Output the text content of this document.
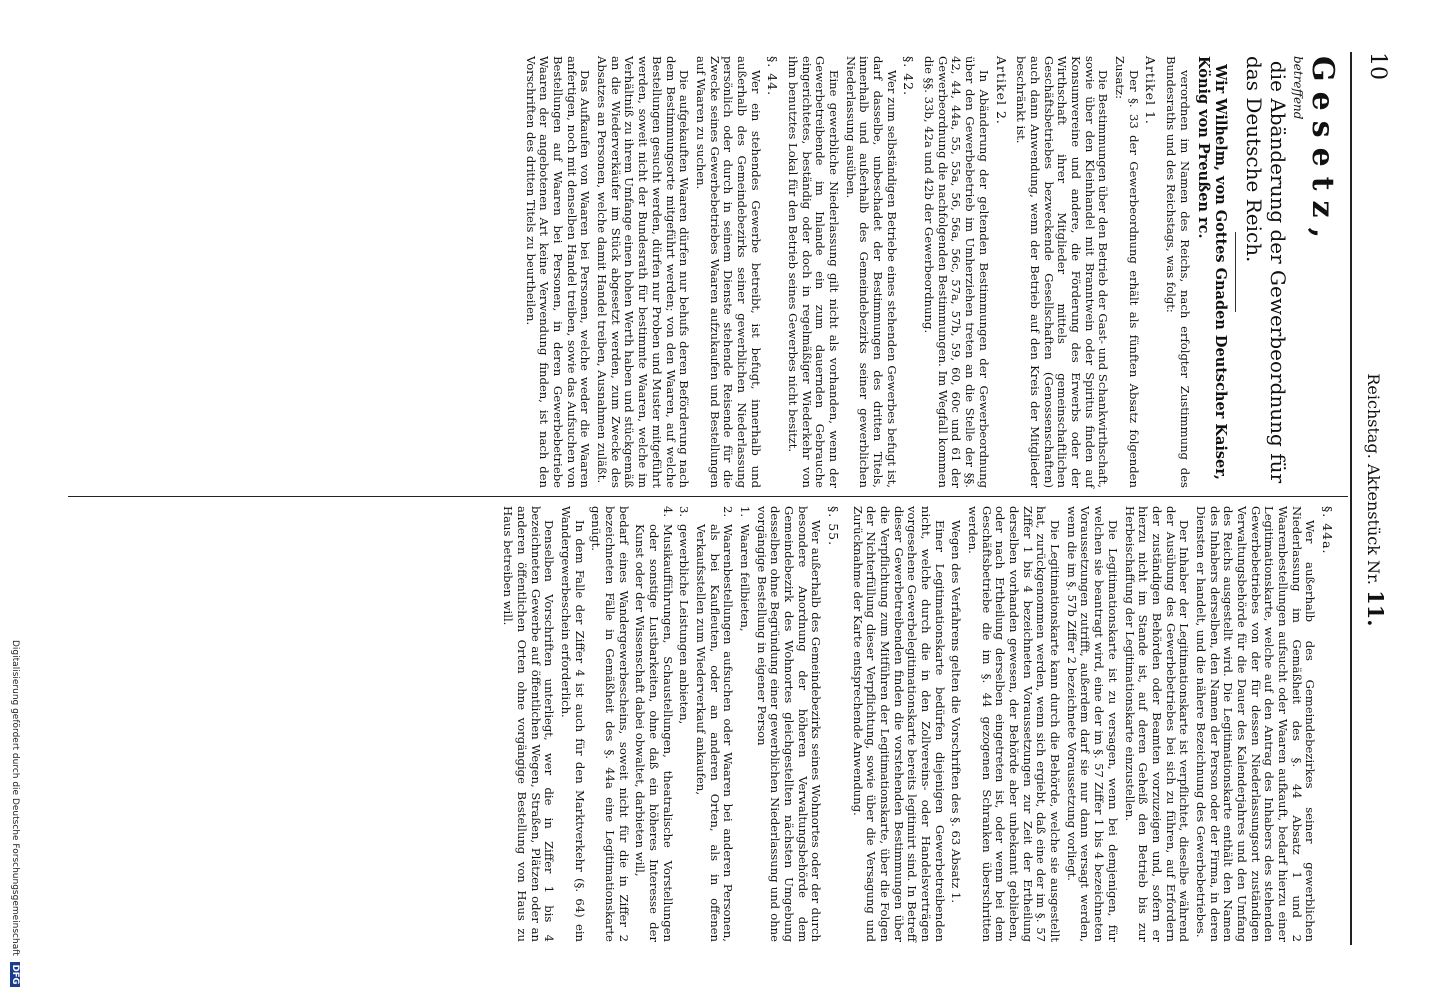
10
Reichstag. Aktenstück Nr. 11.
Gesetz,
betreffend
die Abänderung der Gewerbeordnung für das Deutsche Reich.
Wir Wilhelm, von Gottes Gnaden Deutscher Kaiser, König von Preußen rc.

verordnen im Namen des Reichs, nach erfolgter Zustimmung des Bundesraths und des Reichstags, was folgt:

Artikel 1.

Der §. 33 der Gewerbeordnung erhält als fünften Absatz folgenden Zusatz:

Die Bestimmungen über den Betrieb der Gast- und Schankwirthschaft, sowie über den Kleinhandel mit Branntwein oder Spiritus finden auf Konsumvereine und andere, die Förderung des Erwerbs oder der Wirthschaft ihrer Mitglieder mittels gemeinschaftlichen Geschäftsbetriebes bezweckende Gesellschaften (Genossenschaften) auch dann Anwendung, wenn der Betrieb auf den Kreis der Mitglieder beschränkt ist.

Artikel 2.

In Abänderung der geltenden Bestimmungen der Gewerbeordnung über den Gewerbebetrieb im Umherziehen treten an die Stelle der §§. 42, 44, 44a, 55, 55a, 56, 56a, 56c, 57a, 57b, 59, 60, 60c und 61 der Gewerbeordnung die nachfolgenden Bestimmungen. Im Wegfall kommen die §§. 33b, 42a und 42b der Gewerbeordnung.

§. 42.

Wer zum selbständigen Betriebe eines stehenden Gewerbes befugt ist, darf dasselbe, unbeschadet der Bestimmungen des dritten Titels, innerhalb und außerhalb des Gemeindebezirks seiner gewerblichen Niederlassung ausüben.

Eine gewerbliche Niederlassung gilt nicht als vorhanden, wenn der Gewerbetreibende im Inlande ein zum dauernden Gebrauche eingerichtetes, beständig oder doch in regelmäßiger Wiederkehr von ihm benutztes Lokal für den Betrieb seines Gewerbes nicht besitzt.

§. 44.

Wer ein stehendes Gewerbe betreibt, ist befugt, innerhalb und außerhalb des Gemeindebezirks seiner gewerblichen Niederlassung persönlich oder durch in seinem Dienste stehende Reisende für die Zwecke seines Gewerbebetriebes Waaren aufzukaufen und Bestellungen auf Waaren zu suchen.

Die aufgekauften Waaren dürfen nur behufs deren Beförderung nach dem Bestimmungsorte mitgeführt werden; von den Waaren, auf welche Bestellungen gesucht werden, dürfen nur Proben und Muster mitgeführt werden, soweit nicht der Bundesrath für bestimmte Waaren, welche im Verhältniß zu ihrem Umfange einen hohen Werth haben und stückgemäß an die Wiederverkäufer im Stück abgesetzt werden, zum Zwecke des Absatzes an Personen, welche damit Handel treiben, Ausnahmen zuläßt.

Das Aufkaufen von Waaren bei Personen, welche weder die Waaren anfertigen, noch mit denselben Handel treiben, sowie das Aufsuchen von Bestellungen auf Waaren bei Personen, in deren Gewerbebetriebe Waaren der angebotenen Art keine Verwendung finden, ist nach den Vorschriften des dritten Titels zu beurtheilen.

§. 44a.

Wer außerhalb des Gemeindebezirkes seiner gewerblichen Niederlassung im Gemäßheit des §. 44 Absatz 1 und 2 Waarenbestellungen aufsucht oder Waaren aufkauft, bedarf hierzu einer Legitimationskarte, welche auf den Antrag des Inhabers des stehenden Gewerbebetriebes von der für dessen Niederlassungsort zuständigen Verwaltungsbehörde für die Dauer des Kalenderjahres und den Umfang des Reichs ausgestellt wird. Die Legitimationskarte enthält den Namen des Inhabers derselben, den Namen der Person oder der Firma, in deren Diensten er handelt, und die nähere Bezeichnung des Gewerbebetriebes.

Der Inhaber der Legitimationskarte ist verpflichtet, dieselbe während der Ausübung des Gewerbebetriebes bei sich zu führen, auf Erfordern der zuständigen Behörden oder Beamten vorzuzeigen und, sofern er hierzu nicht im Stande ist, auf deren Geheiß den Betrieb bis zur Herbeischaffung der Legitimationskarte einzustellen.

Die Legitimationskarte ist zu versagen, wenn bei demjenigen, für welchen sie beantragt wird, eine der im §. 57 Ziffer 1 bis 4 bezeichneten Voraussetzungen zutrifft, außerdem darf sie nur dann versagt werden, wenn die im §. 57b Ziffer 2 bezeichnete Voraussetzung vorliegt.

Die Legitimationskarte kann durch die Behörde, welche sie ausgestellt hat, zurückgenommen werden, wenn sich ergiebt, daß eine der im §. 57 Ziffer 1 bis 4 bezeichneten Voraussetzungen zur Zeit der Ertheilung derselben vorhanden gewesen, der Behörde aber unbekannt geblieben, oder nach Ertheilung derselben eingetreten ist, oder wenn bei dem Geschäftsbetriebe die im §. 44 gezogenen Schranken überschritten werden.

Wegen des Verfahrens gelten die Vorschriften des §. 63 Absatz 1.

Einer Legitimationskarte bedürfen diejenigen Gewerbetreibenden nicht, welche durch die in den Zollvereins- oder Handelsverträgen vorgesehene Gewerbelegitimationskarte bereits legitimirt sind. In Betreff dieser Gewerbetreibenden finden die vorstehenden Bestimmungen über die Verpflichtung zum Mitführen der Legitimationskarte, über die Folgen der Nichterfüllung dieser Verpflichtung, sowie über die Versagung und Zurücknahme der Karte entsprechende Anwendung.

§. 55.

Wer außerhalb des Gemeindebezirks seines Wohnortes oder der durch besondere Anordnung der höheren Verwaltungsbehörde dem Gemeindebezirk des Wohnortes gleichgestellten nächsten Umgebung desselben ohne Begründung einer gewerblichen Niederlassung und ohne vorgängige Bestellung in eigener Person

1.
Waaren feilbieten,

2.
Waarenbestellungen aufsuchen oder Waaren bei anderen Personen, als bei Kaufleuten, oder an anderen Orten, als in offenen Verkaufsstellen zum Wiederverkauf ankaufen,

3.
gewerbliche Leistungen anbieten,

4.
Musikaufführungen, Schaustellungen, theatralische Vorstellungen oder sonstige Lustbarkeiten, ohne daß ein höheres Interesse der Kunst oder der Wissenschaft dabei obwaltet, darbieten will,

bedarf eines Wandergewerbescheins, soweit nicht für die in Ziffer 2 bezeichneten Fälle in Gemäßheit des §. 44a eine Legitimationskarte genügt.

In dem Falle der Ziffer 4 ist auch für den Marktverkehr (§. 64) ein Wandergewerbeschein erforderlich.

Denselben Vorschriften unterliegt, wer die in Ziffer 1 bis 4 bezeichneten Gewerbe auf öffentlichen Wegen, Straßen, Plätzen oder an anderen öffentlichen Orten ohne vorgängige Bestellung von Haus zu Haus betreiben will.

Digitalisierung gefördert durch die Deutsche Forschungsgemeinschaft DFG
